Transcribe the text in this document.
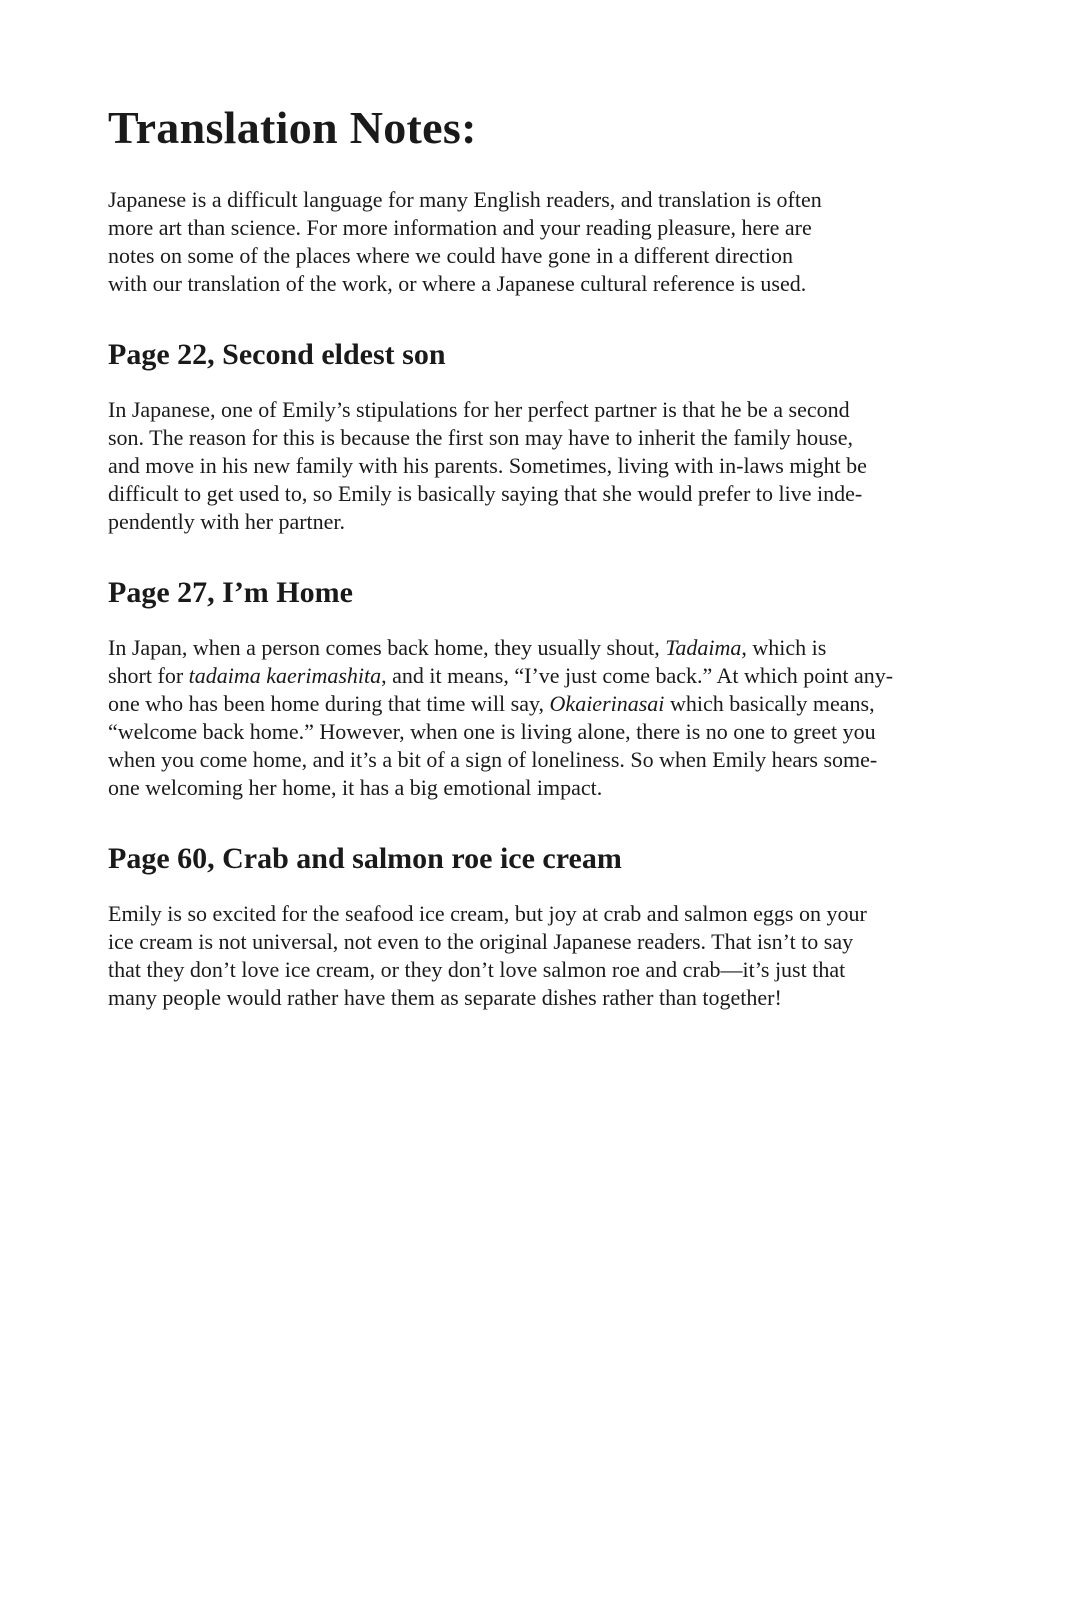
Translation Notes:

Japanese is a difficult language for many English readers, and translation is often
more art than science. For more information and your reading pleasure, here are
notes on some of the places where we could have gone in a different direction
with our translation of the work, or where a Japanese cultural reference is used.

Page 22, Second eldest son

In Japanese, one of Emily’s stipulations for her perfect partner is that he be a second
son. The reason for this is because the first son may have to inherit the family house,
and move in his new family with his parents. Sometimes, living with in-laws might be
difficult to get used to, so Emily is basically saying that she would prefer to live inde-
pendently with her partner.

Page 27, I’m Home

In Japan, when a person comes back home, they usually shout, Tadaima, which is
short for tadaima kaerimashita, and it means, “I’ve just come back.” At which point any-
one who has been home during that time will say, Okaierinasai which basically means,
“welcome back home.” However, when one is living alone, there is no one to greet you
when you come home, and it’s a bit of a sign of loneliness. So when Emily hears some-
one welcoming her home, it has a big emotional impact.

Page 60, Crab and salmon roe ice cream

Emily is so excited for the seafood ice cream, but joy at crab and salmon eggs on your
ice cream is not universal, not even to the original Japanese readers. That isn’t to say
that they don’t love ice cream, or they don’t love salmon roe and crab—it’s just that
many people would rather have them as separate dishes rather than together!
